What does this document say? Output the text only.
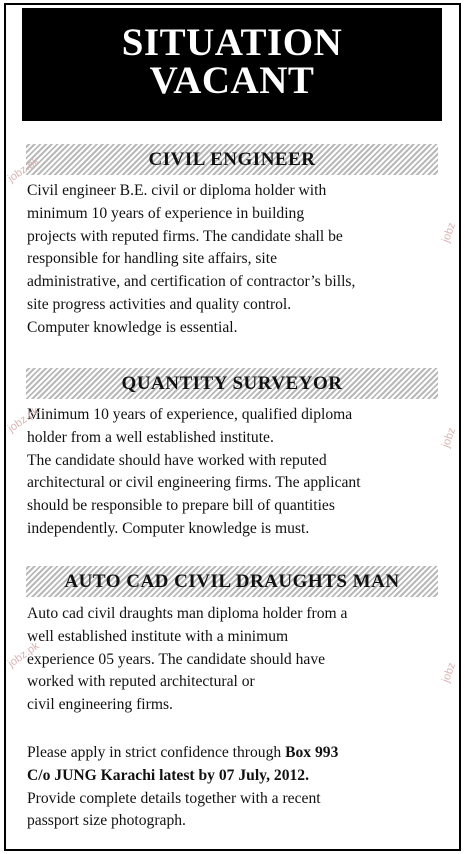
SITUATION
VACANT
CIVIL ENGINEER
Civil engineer B.E. civil or diploma holder with
minimum 10 years of experience in building
projects with reputed firms. The candidate shall be
responsible for handling site affairs, site
administrative, and certification of contractor’s bills,
site progress activities and quality control.
Computer knowledge is essential.
QUANTITY SURVEYOR
Minimum 10 years of experience, qualified diploma
holder from a well established institute.
The candidate should have worked with reputed
architectural or civil engineering firms. The applicant
should be responsible to prepare bill of quantities
independently. Computer knowledge is must.
AUTO CAD CIVIL DRAUGHTS MAN
Auto cad civil draughts man diploma holder from a
well established institute with a minimum
experience 05 years. The candidate should have
worked with reputed architectural or
civil engineering firms.
Please apply in strict confidence through Box 993
C/o JUNG Karachi latest by 07 July, 2012.
Provide complete details together with a recent
passport size photograph.
jobz.pk
jobz
jobz.pk
jobz
jobz.pk
jobz
